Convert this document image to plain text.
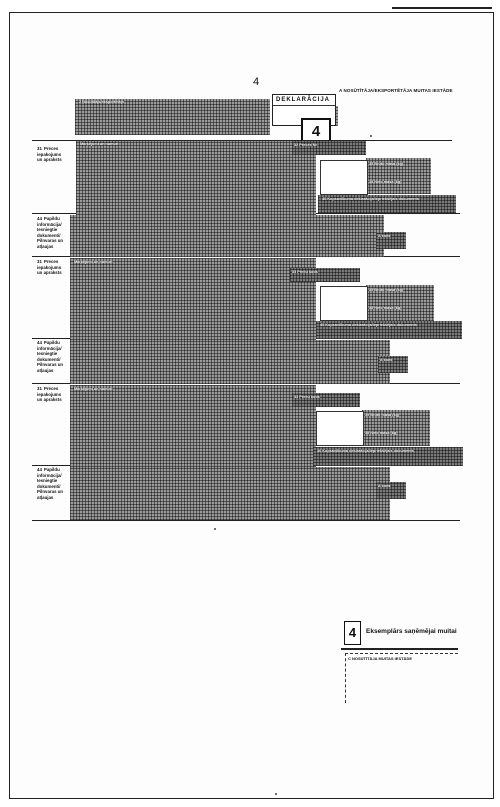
4
A NOSŪTĪTĀJA/EKSPORTĒTĀJA MUITAS IESTĀDE
2 Nosūtītājs/eksportētājs	DEKLARĀCIJA
4
Marķējumi un numuri	32 Preces Nr.
35 Bruto masa (kg)
38 Neto masa (kg)
40 Kopsavilkuma deklarācija/iepriekšējais dokuments
31 Preces iepakojums un apraksts
A kods
44 Papildu informācija/ Iesniegtie dokumenti/ Pilnvaras un atļaujas
Marķējumi un numuri
33 Preču kods
35 Bruto masa (kg)
38 Neto masa (kg)
40 Kopsavilkuma deklarācija/iepriekšējais dokuments
31 Preces iepakojums un apraksts
A kods
44 Papildu informācija/ Iesniegtie dokumenti/ Pilnvaras un atļaujas
Marķējumi un numuri
33 Preču kods
35 Bruto masa (kg)
38 Neto masa (kg)
40 Kopsavilkuma deklarācija/iepriekšējais dokuments
31 Preces iepakojums un apraksts
A kods
44 Papildu informācija/ Iesniegtie dokumenti/ Pilnvaras un atļaujas
4	Eksemplārs saņēmējai muitai
C NOSŪTĪTĀJA MUITAS IESTĀDE
